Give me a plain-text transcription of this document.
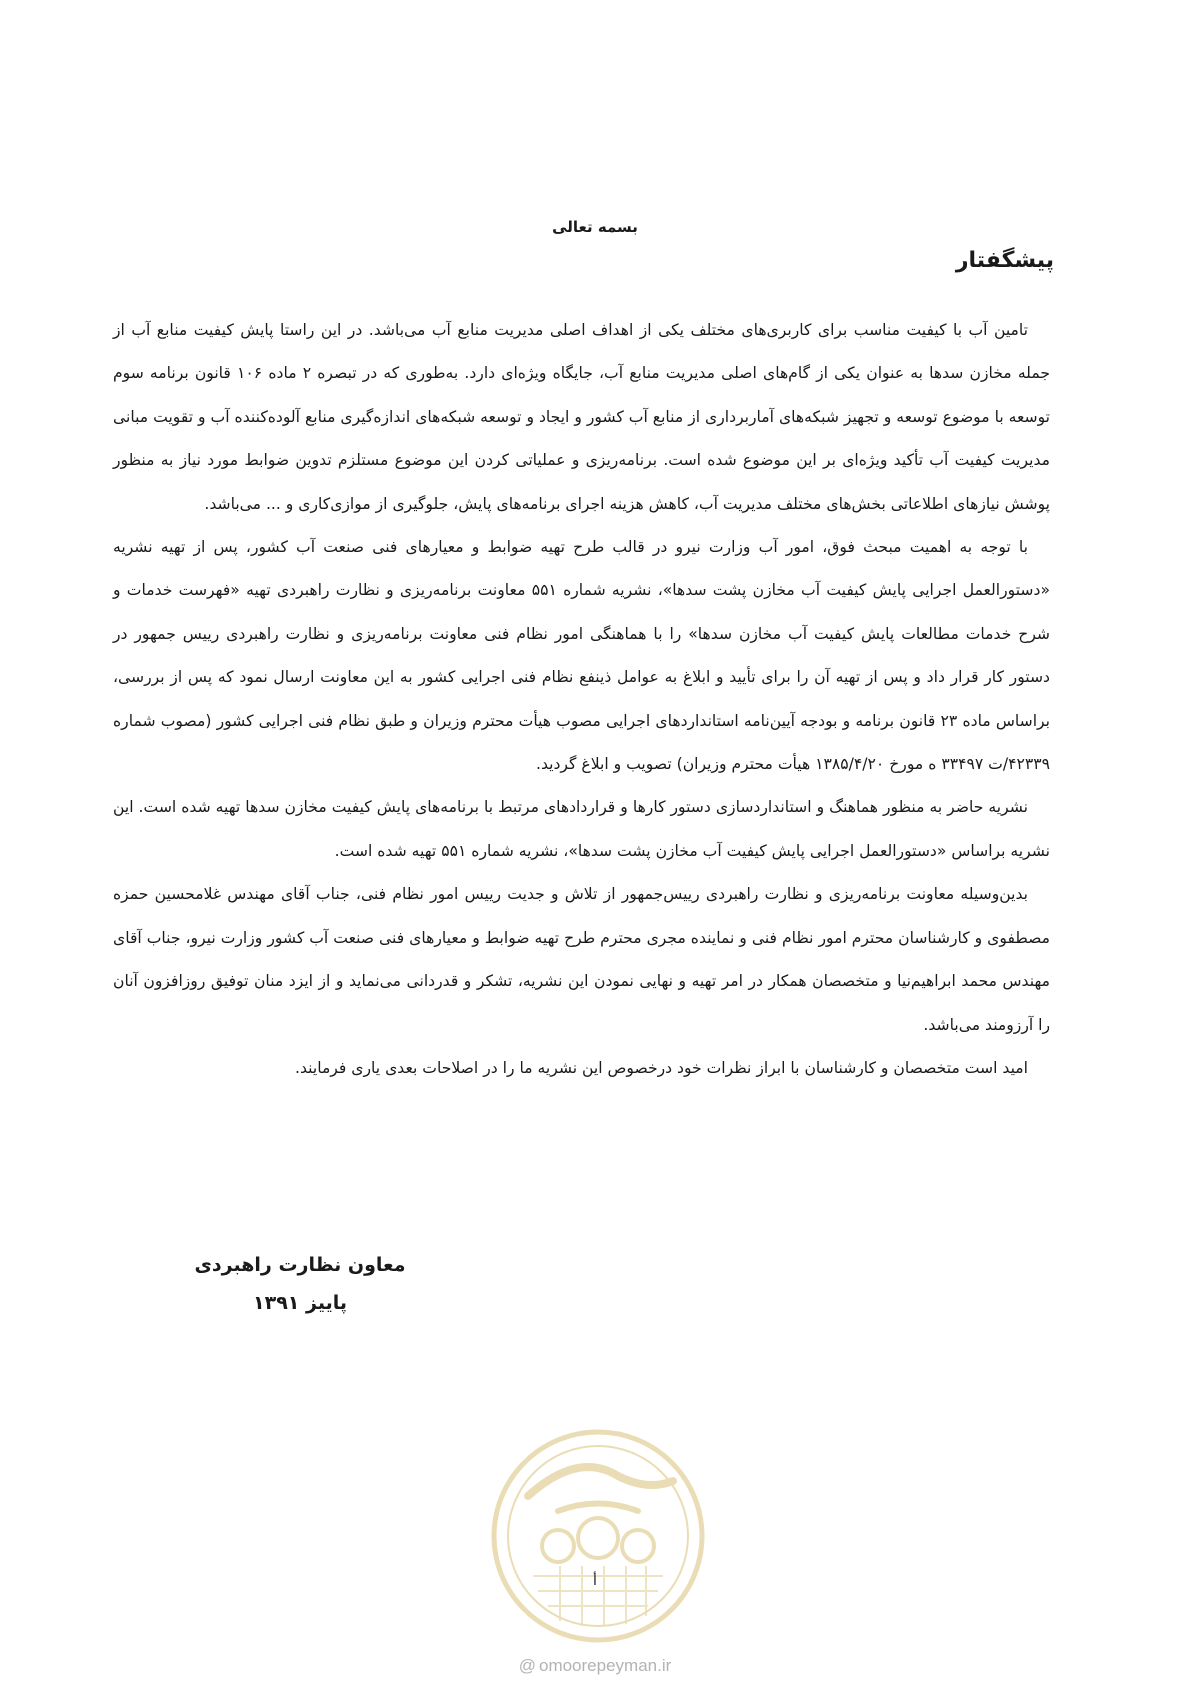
بسمه تعالی
پیشگفتار

تامین آب با کیفیت مناسب برای کاربری‌های مختلف یکی از اهداف اصلی مدیریت منابع آب می‌باشد. در این راستا پایش کیفیت منابع آب از جمله مخازن سدها به عنوان یکی از گام‌های اصلی مدیریت منابع آب، جایگاه ویژه‌ای دارد. به‌طوری که در تبصره ۲ ماده ۱۰۶ قانون برنامه سوم توسعه با موضوع توسعه و تجهیز شبکه‌های آماربرداری از منابع آب کشور و ایجاد و توسعه شبکه‌های اندازه‌گیری منابع آلوده‌کننده آب و تقویت مبانی مدیریت کیفیت آب تأکید ویژه‌ای بر این موضوع شده است. برنامه‌ریزی و عملیاتی کردن این موضوع مستلزم تدوین ضوابط مورد نیاز به منظور پوشش نیازهای اطلاعاتی بخش‌های مختلف مدیریت آب، کاهش هزینه اجرای برنامه‌های پایش، جلوگیری از موازی‌کاری و ... می‌باشد.

با توجه به اهمیت مبحث فوق، امور آب وزارت نیرو در قالب طرح تهیه ضوابط و معیارهای فنی صنعت آب کشور، پس از تهیه نشریه «دستورالعمل اجرایی پایش کیفیت آب مخازن پشت سدها»، نشریه شماره ۵۵۱ معاونت برنامه‌ریزی و نظارت راهبردی تهیه «فهرست خدمات و شرح خدمات مطالعات پایش کیفیت آب مخازن سدها» را با هماهنگی امور نظام فنی معاونت برنامه‌ریزی و نظارت راهبردی رییس جمهور در دستور کار قرار داد و پس از تهیه آن را برای تأیید و ابلاغ به عوامل ذینفع نظام فنی اجرایی کشور به این معاونت ارسال نمود که پس از بررسی، براساس ماده ۲۳ قانون برنامه و بودجه آیین‌نامه استانداردهای اجرایی مصوب هیأت محترم وزیران و طبق نظام فنی اجرایی کشور (مصوب شماره ۴۲۳۳۹/ت ۳۳۴۹۷ ه مورخ ۱۳۸۵/۴/۲۰ هیأت محترم وزیران) تصویب و ابلاغ گردید.

نشریه حاضر به منظور هماهنگ و استانداردسازی دستور کارها و قراردادهای مرتبط با برنامه‌های پایش کیفیت مخازن سدها تهیه شده است. این نشریه براساس «دستورالعمل اجرایی پایش کیفیت آب مخازن پشت سدها»، نشریه شماره ۵۵۱ تهیه شده است.

بدین‌وسیله معاونت برنامه‌ریزی و نظارت راهبردی رییس‌جمهور از تلاش و جدیت رییس امور نظام فنی، جناب آقای مهندس غلامحسین حمزه مصطفوی و کارشناسان محترم امور نظام فنی و نماینده مجری محترم طرح تهیه ضوابط و معیارهای فنی صنعت آب کشور وزارت نیرو، جناب آقای مهندس محمد ابراهیم‌نیا و متخصصان همکار در امر تهیه و نهایی نمودن این نشریه، تشکر و قدردانی می‌نماید و از ایزد منان توفیق روزافزون آنان را آرزومند می‌باشد.

امید است متخصصان و کارشناسان با ابراز نظرات خود درخصوص این نشریه ما را در اصلاحات بعدی یاری فرمایند.

معاون نظارت راهبردی
پاییز ۱۳۹۱
أ
@ omoorepeyman.ir
